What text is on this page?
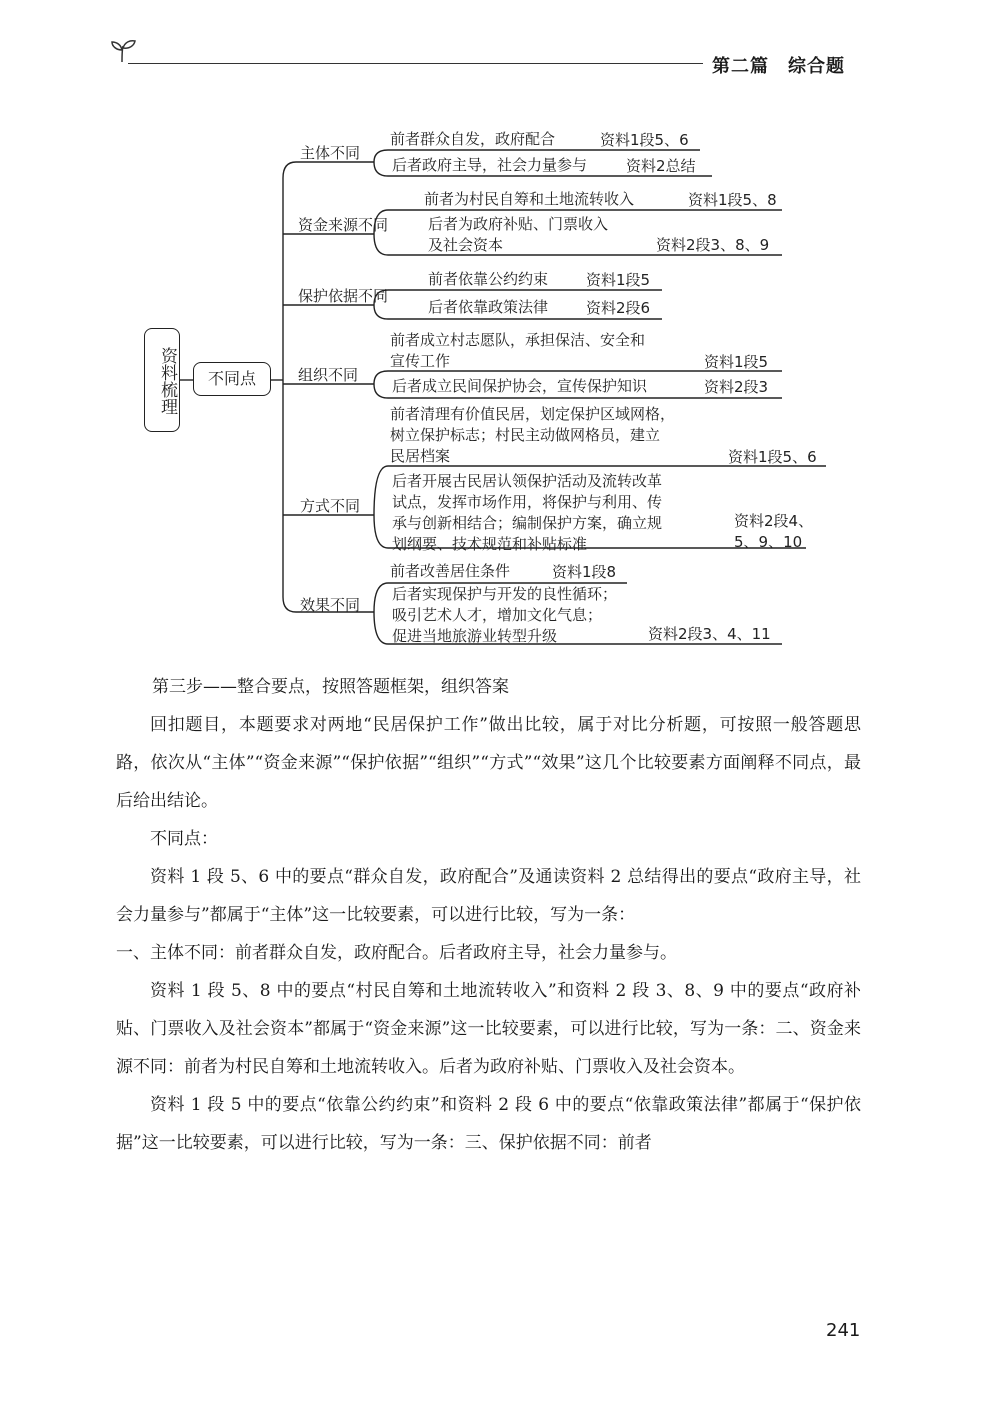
第二篇　综合题
资料梳理	不同点
主体不同
前者群众自发，政府配合	资料1段5、6
后者政府主导，社会力量参与	资料2总结
资金来源不同
前者为村民自筹和土地流转收入	资料1段5、8
后者为政府补贴、门票收入
及社会资本	资料2段3、8、9
保护依据不同
前者依靠公约约束	资料1段5
后者依靠政策法律	资料2段6
组织不同
前者成立村志愿队，承担保洁、安全和
宣传工作	资料1段5
后者成立民间保护协会，宣传保护知识	资料2段3
方式不同
前者清理有价值民居，划定保护区域网格，
树立保护标志；村民主动做网格员，建立
民居档案	资料1段5、6
后者开展古民居认领保护活动及流转改革
试点，发挥市场作用，将保护与利用、传
承与创新相结合；编制保护方案，确立规
划纲要、技术规范和补贴标准
资料2段4、
5、9、10
效果不同
前者改善居住条件	资料1段8
后者实现保护与开发的良性循环；
吸引艺术人才，增加文化气息；
促进当地旅游业转型升级	资料2段3、4、11
第三步——整合要点，按照答题框架，组织答案

回扣题目，本题要求对两地“民居保护工作”做出比较，属于对比分析题，可按照一般答题思路，依次从“主体”“资金来源”“保护依据”“组织”“方式”“效果”这几个比较要素方面阐释不同点，最后给出结论。

不同点：

资料 1 段 5、6 中的要点“群众自发，政府配合”及通读资料 2 总结得出的要点“政府主导，社会力量参与”都属于“主体”这一比较要素，可以进行比较，写为一条：

一、主体不同：前者群众自发，政府配合。后者政府主导，社会力量参与。

资料 1 段 5、8 中的要点“村民自筹和土地流转收入”和资料 2 段 3、8、9 中的要点“政府补贴、门票收入及社会资本”都属于“资金来源”这一比较要素，可以进行比较，写为一条：二、资金来源不同：前者为村民自筹和土地流转收入。后者为政府补贴、门票收入及社会资本。

资料 1 段 5 中的要点“依靠公约约束”和资料 2 段 6 中的要点“依靠政策法律”都属于“保护依据”这一比较要素，可以进行比较，写为一条：三、保护依据不同：前者

241
